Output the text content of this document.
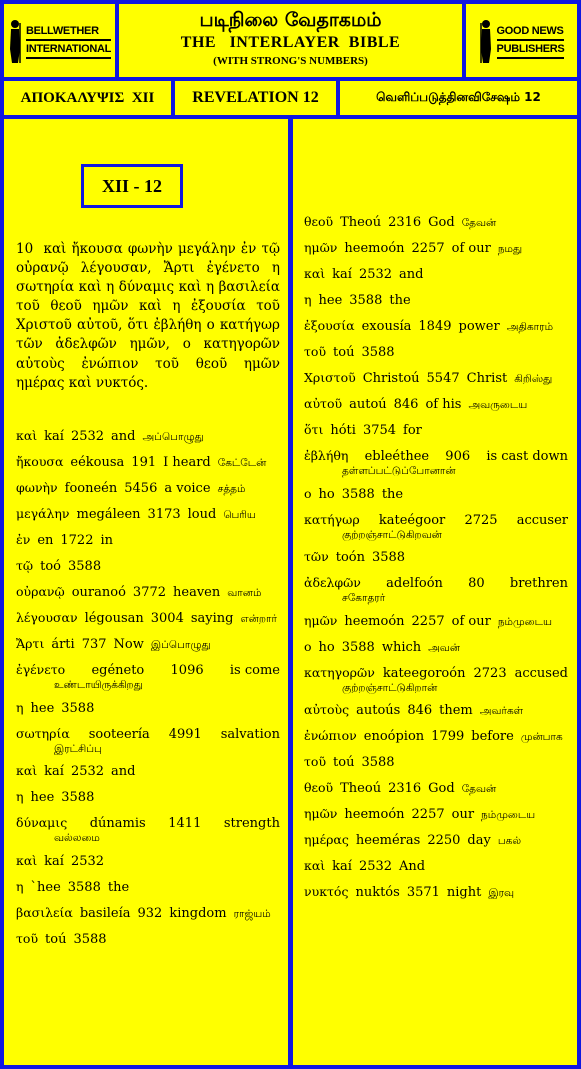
BELLWETHER
INTERNATIONAL
படிநிலை வேதாகமம்
THE   INTERLAYER  BIBLE
(WITH STRONG'S NUMBERS)
GOOD NEWS
PUBLISHERS
ΑΠΟΚΑΛΥΨΙΣ  XII	REVELATION 12	வெளிப்படுத்தினவிசேஷம் 12
XII - 12
10 καὶ ἤκουσα φωνὴν μεγάλην ἐν τῷ οὐρανῷ λέγουσαν, Ἄρτι ἐγένετο η σωτηρία καὶ η δύναμις καὶ η βασιλεία τοῦ θεοῦ ημῶν καὶ η ἐξουσία τοῦ Χριστοῦ αὐτοῦ, ὅτι ἐβλήθη ο κατήγωρ τῶν ἀδελφῶν ημῶν, ο κατηγορῶν αὐτοὺς ἐνώπιον τοῦ θεοῦ ημῶν ημέρας καὶ νυκτός.
καὶ kaí 2532 and அப்பொழுது
ἤκουσα eékousa 191 I heard கேட்டேன்
φωνὴν fooneén 5456 a voice சத்தம்
μεγάλην megáleen 3173 loud பெரிய
ἐν en 1722 in
τῷ toó 3588
οὐρανῷ ouranoó 3772 heaven வானம்
λέγουσαν légousan 3004 saying என்றாா்
Ἄρτι árti 737 Now இப்பொழுது
ἐγένετο egéneto 1096 is come
உண்டாயிருக்கிறது
η hee 3588
σωτηρία sooteería 4991 salvation
இரட்சிப்பு
καὶ kaí 2532 and
η hee 3588
δύναμις dúnamis 1411 strength
வல்லமை
καὶ kaí 2532
η `hee 3588 the
βασιλεία basileía 932 kingdom ராஜ்யம்
τοῦ toú 3588
θεοῦ Theoú 2316 God தேவன்
ημῶν heemoón 2257 of our நமது
καὶ kaí 2532 and
η hee 3588 the
ἐξουσία exousía 1849 power அதிகாரம்
τοῦ toú 3588
Χριστοῦ Christoú 5547 Christ கிறிஸ்து
αὐτοῦ autoú 846 of his அவருடைய
ὅτι hóti 3754 for
ἐβλήθη ebleéthee 906 is cast down
தள்ளப்பட்டுப்போனான்
ο ho 3588 the
κατήγωρ kateégoor 2725 accuser
குற்றஞ்சாட்டுகிறவன்
τῶν toón 3588
ἀδελφῶν adelfoón 80 brethren
சகோதரர்
ημῶν heemoón 2257 of our நம்முடைய
ο ho 3588 which அவன்
κατηγορῶν kateegoroón 2723 accused
குற்றஞ்சாட்டுகிறான்
αὐτοὺς autoús 846 them அவர்கள்
ἐνώπιον enoópion 1799 before முன்பாக
τοῦ toú 3588
θεοῦ Theoú 2316 God தேவன்
ημῶν heemoón 2257 our நம்முடைய
ημέρας heeméras 2250 day பகல்
καὶ kaí 2532 And
νυκτός nuktós 3571 night இரவு
